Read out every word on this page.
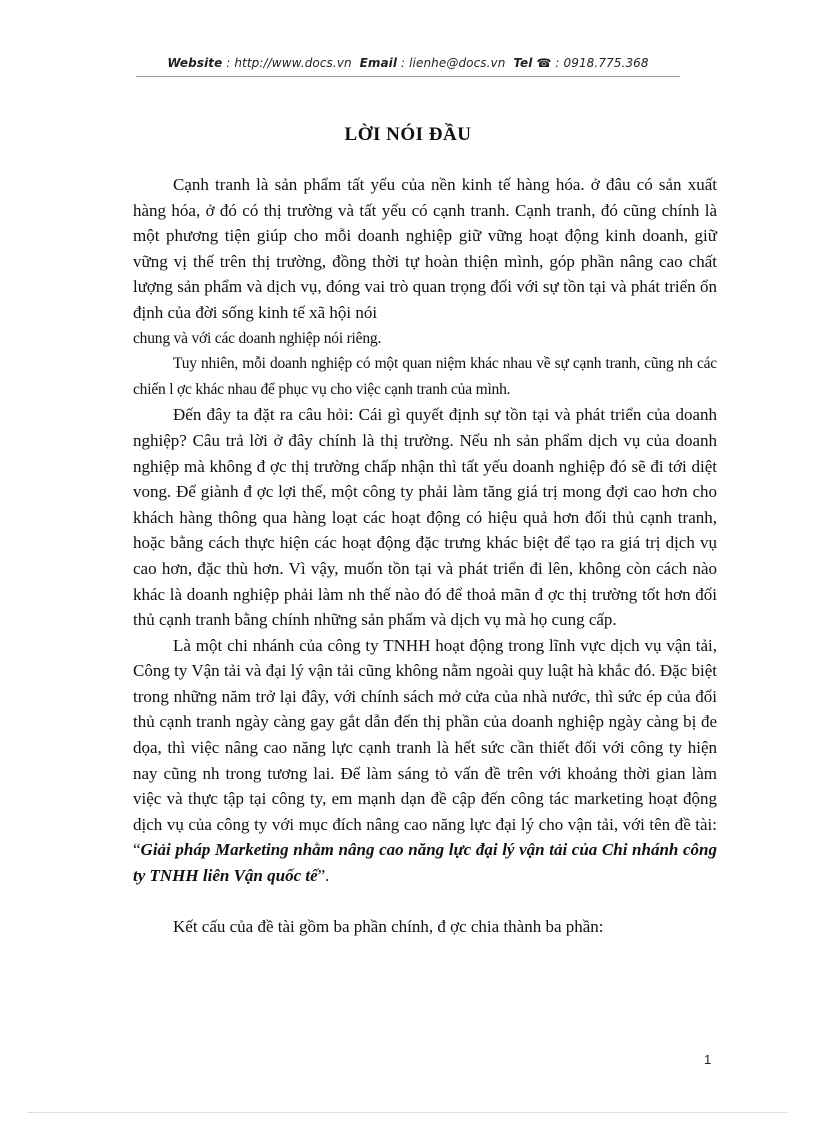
Website : http://www.docs.vn Email : lienhe@docs.vn Tel ☎ : 0918.775.368
LỜI NÓI ĐẦU

Cạnh tranh là sản phẩm tất yếu của nền kinh tế hàng hóa. ở đâu có sản xuất hàng hóa, ở đó có thị trường và tất yếu có cạnh tranh. Cạnh tranh, đó cũng chính là một phương tiện giúp cho mỗi doanh nghiệp giữ vững hoạt động kinh doanh, giữ vững vị thế trên thị trường, đồng thời tự hoàn thiện mình, góp phần nâng cao chất lượng sản phẩm và dịch vụ, đóng vai trò quan trọng đối với sự tồn tại và phát triển ổn định của đời sống kinh tế xã hội nói

chung và với các doanh nghiệp nói riêng.

Tuy nhiên, mỗi doanh nghiệp có một quan niệm khác nhau về sự cạnh tranh, cũng nh các chiến l ợc khác nhau để phục vụ cho việc cạnh tranh của mình.

Đến đây ta đặt ra câu hỏi: Cái gì quyết định sự tồn tại và phát triển của doanh nghiệp? Câu trả lời ở đây chính là thị trường. Nếu nh sản phẩm dịch vụ của doanh nghiệp mà không đ ợc thị trường chấp nhận thì tất yếu doanh nghiệp đó sẽ đi tới diệt vong. Để giành đ ợc lợi thế, một công ty phải làm tăng giá trị mong đợi cao hơn cho khách hàng thông qua hàng loạt các hoạt động có hiệu quả hơn đối thủ cạnh tranh, hoặc bằng cách thực hiện các hoạt động đặc trưng khác biệt để tạo ra giá trị dịch vụ cao hơn, đặc thù hơn. Vì vậy, muốn tồn tại và phát triển đi lên, không còn cách nào khác là doanh nghiệp phải làm nh thế nào đó để thoả mãn đ ợc thị trường tốt hơn đối thủ cạnh tranh bằng chính những sản phẩm và dịch vụ mà họ cung cấp.

Là một chi nhánh của công ty TNHH hoạt động trong lĩnh vực dịch vụ vận tải, Công ty Vận tải và đại lý vận tải cũng không nằm ngoài quy luật hà khắc đó. Đặc biệt trong những năm trở lại đây, với chính sách mở cửa của nhà nước, thì sức ép của đối thủ cạnh tranh ngày càng gay gắt dẫn đến thị phần của doanh nghiệp ngày càng bị đe dọa, thì việc nâng cao năng lực cạnh tranh là hết sức cần thiết đối với công ty hiện nay cũng nh trong tương lai. Để làm sáng tỏ vấn đề trên với khoảng thời gian làm việc và thực tập tại công ty, em mạnh dạn đề cập đến công tác marketing hoạt động dịch vụ của công ty với mục đích nâng cao năng lực đại lý cho vận tải, với tên đề tài: “Giải pháp Marketing nhằm nâng cao năng lực đại lý vận tải của Chi nhánh công ty TNHH liên Vận quốc tế”.

Kết cấu của đề tài gồm ba phần chính, đ ợc chia thành ba phần:

1
